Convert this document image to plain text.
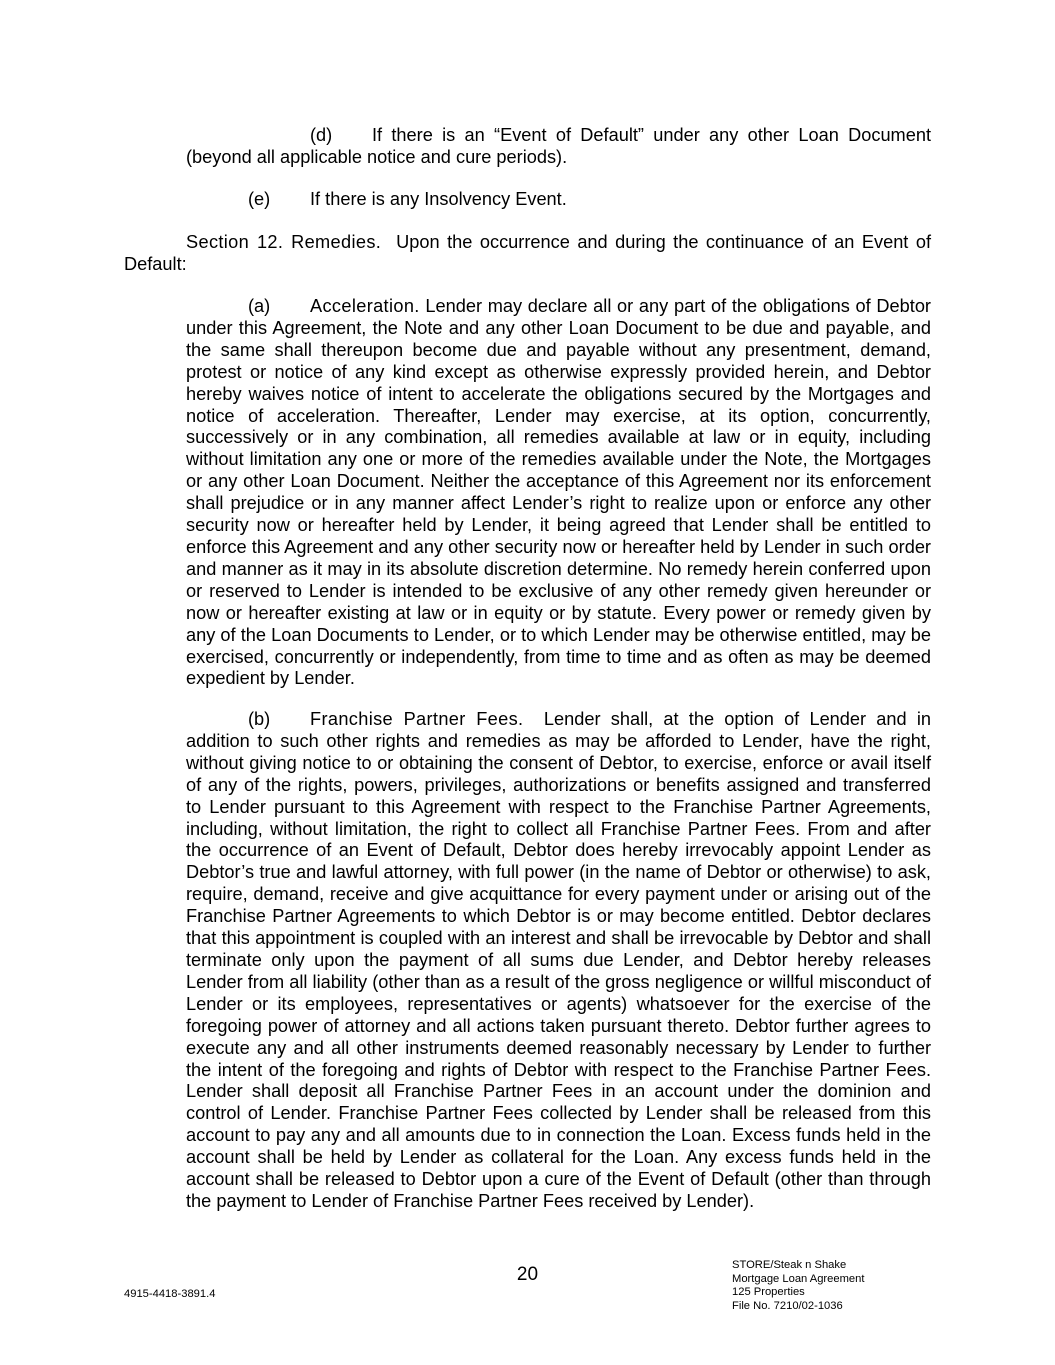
(d) If there is an “Event of Default” under any other Loan Document (beyond all applicable notice and cure periods).

(e) If there is any Insolvency Event.

Section 12. Remedies. Upon the occurrence and during the continuance of an Event of Default:

(a) Acceleration. Lender may declare all or any part of the obligations of Debtor under this Agreement, the Note and any other Loan Document to be due and payable, and the same shall thereupon become due and payable without any presentment, demand, protest or notice of any kind except as otherwise expressly provided herein, and Debtor hereby waives notice of intent to accelerate the obligations secured by the Mortgages and notice of acceleration. Thereafter, Lender may exercise, at its option, concurrently, successively or in any combination, all remedies available at law or in equity, including without limitation any one or more of the remedies available under the Note, the Mortgages or any other Loan Document. Neither the acceptance of this Agreement nor its enforcement shall prejudice or in any manner affect Lender’s right to realize upon or enforce any other security now or hereafter held by Lender, it being agreed that Lender shall be entitled to enforce this Agreement and any other security now or hereafter held by Lender in such order and manner as it may in its absolute discretion determine. No remedy herein conferred upon or reserved to Lender is intended to be exclusive of any other remedy given hereunder or now or hereafter existing at law or in equity or by statute. Every power or remedy given by any of the Loan Documents to Lender, or to which Lender may be otherwise entitled, may be exercised, concurrently or independently, from time to time and as often as may be deemed expedient by Lender.

(b) Franchise Partner Fees. Lender shall, at the option of Lender and in addition to such other rights and remedies as may be afforded to Lender, have the right, without giving notice to or obtaining the consent of Debtor, to exercise, enforce or avail itself of any of the rights, powers, privileges, authorizations or benefits assigned and transferred to Lender pursuant to this Agreement with respect to the Franchise Partner Agreements, including, without limitation, the right to collect all Franchise Partner Fees. From and after the occurrence of an Event of Default, Debtor does hereby irrevocably appoint Lender as Debtor’s true and lawful attorney, with full power (in the name of Debtor or otherwise) to ask, require, demand, receive and give acquittance for every payment under or arising out of the Franchise Partner Agreements to which Debtor is or may become entitled. Debtor declares that this appointment is coupled with an interest and shall be irrevocable by Debtor and shall terminate only upon the payment of all sums due Lender, and Debtor hereby releases Lender from all liability (other than as a result of the gross negligence or willful misconduct of Lender or its employees, representatives or agents) whatsoever for the exercise of the foregoing power of attorney and all actions taken pursuant thereto. Debtor further agrees to execute any and all other instruments deemed reasonably necessary by Lender to further the intent of the foregoing and rights of Debtor with respect to the Franchise Partner Fees. Lender shall deposit all Franchise Partner Fees in an account under the dominion and control of Lender. Franchise Partner Fees collected by Lender shall be released from this account to pay any and all amounts due to in connection the Loan. Excess funds held in the account shall be held by Lender as collateral for the Loan. Any excess funds held in the account shall be released to Debtor upon a cure of the Event of Default (other than through the payment to Lender of Franchise Partner Fees received by Lender).

20
4915-4418-3891.4
STORE/Steak n Shake
Mortgage Loan Agreement
125 Properties
File No. 7210/02-1036
